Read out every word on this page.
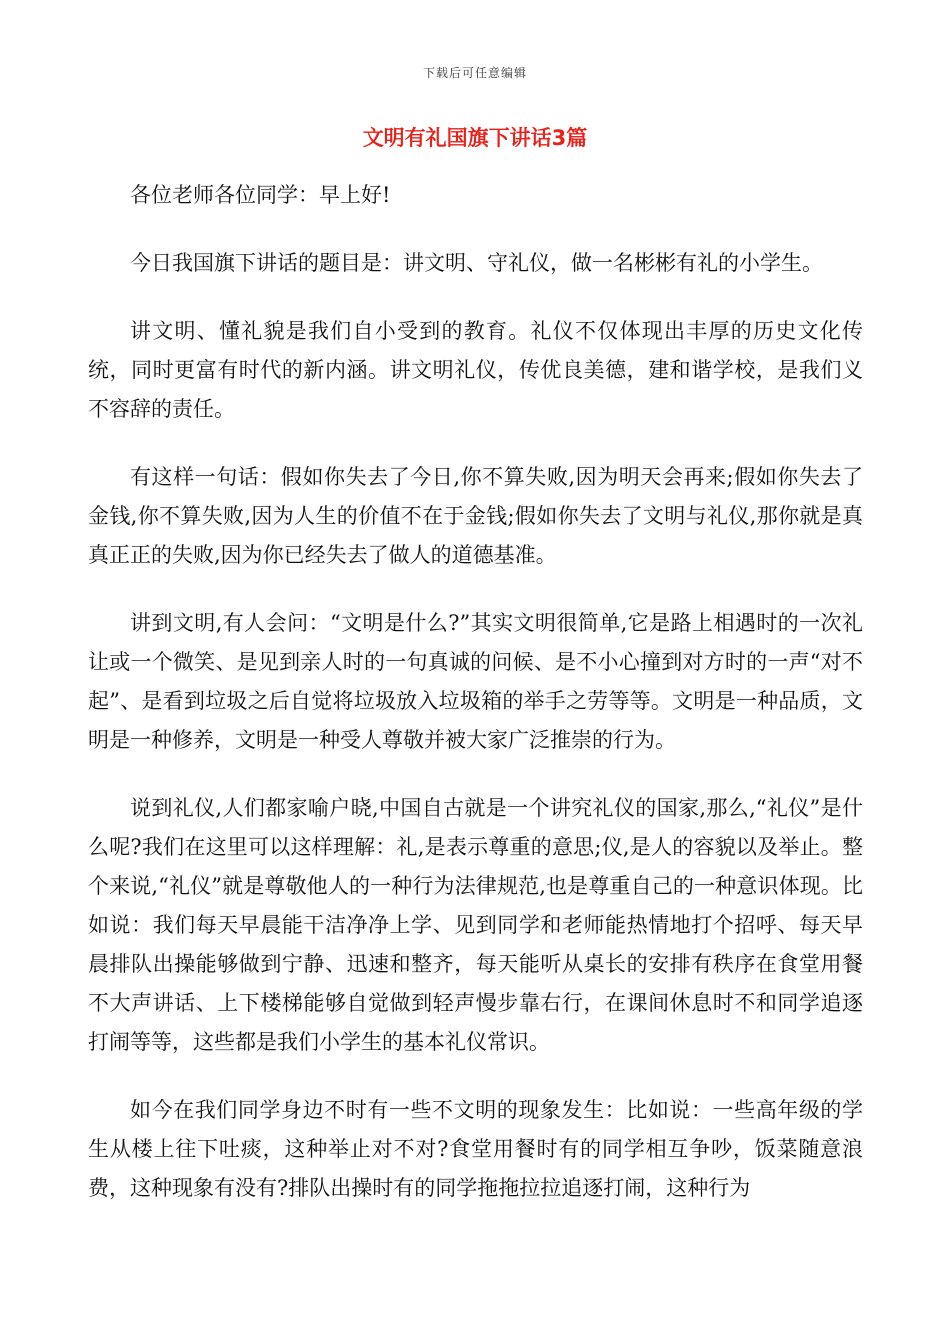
下载后可任意编辑
文明有礼国旗下讲话3篇

各位老师各位同学：早上好!

今日我国旗下讲话的题目是：讲文明、守礼仪，做一名彬彬有礼的小学生。

讲文明、懂礼貌是我们自小受到的教育。礼仪不仅体现出丰厚的历史文化传统，同时更富有时代的新内涵。讲文明礼仪，传优良美德，建和谐学校，是我们义不容辞的责任。

有这样一句话：假如你失去了今日,你不算失败,因为明天会再来;假如你失去了金钱,你不算失败,因为人生的价值不在于金钱;假如你失去了文明与礼仪,那你就是真真正正的失败,因为你已经失去了做人的道德基准。

讲到文明,有人会问：“文明是什么?”其实文明很简单,它是路上相遇时的一次礼让或一个微笑、是见到亲人时的一句真诚的问候、是不小心撞到对方时的一声“对不起”、是看到垃圾之后自觉将垃圾放入垃圾箱的举手之劳等等。文明是一种品质，文明是一种修养，文明是一种受人尊敬并被大家广泛推崇的行为。

说到礼仪,人们都家喻户晓,中国自古就是一个讲究礼仪的国家,那么,“礼仪”是什么呢?我们在这里可以这样理解：礼,是表示尊重的意思;仪,是人的容貌以及举止。整个来说,“礼仪”就是尊敬他人的一种行为法律规范,也是尊重自己的一种意识体现。比如说：我们每天早晨能干洁净净上学、见到同学和老师能热情地打个招呼、每天早晨排队出操能够做到宁静、迅速和整齐，每天能听从桌长的安排有秩序在食堂用餐不大声讲话、上下楼梯能够自觉做到轻声慢步靠右行，在课间休息时不和同学追逐打闹等等，这些都是我们小学生的基本礼仪常识。

如今在我们同学身边不时有一些不文明的现象发生：比如说：一些高年级的学生从楼上往下吐痰，这种举止对不对?食堂用餐时有的同学相互争吵，饭菜随意浪费，这种现象有没有?排队出操时有的同学拖拖拉拉追逐打闹，这种行为
